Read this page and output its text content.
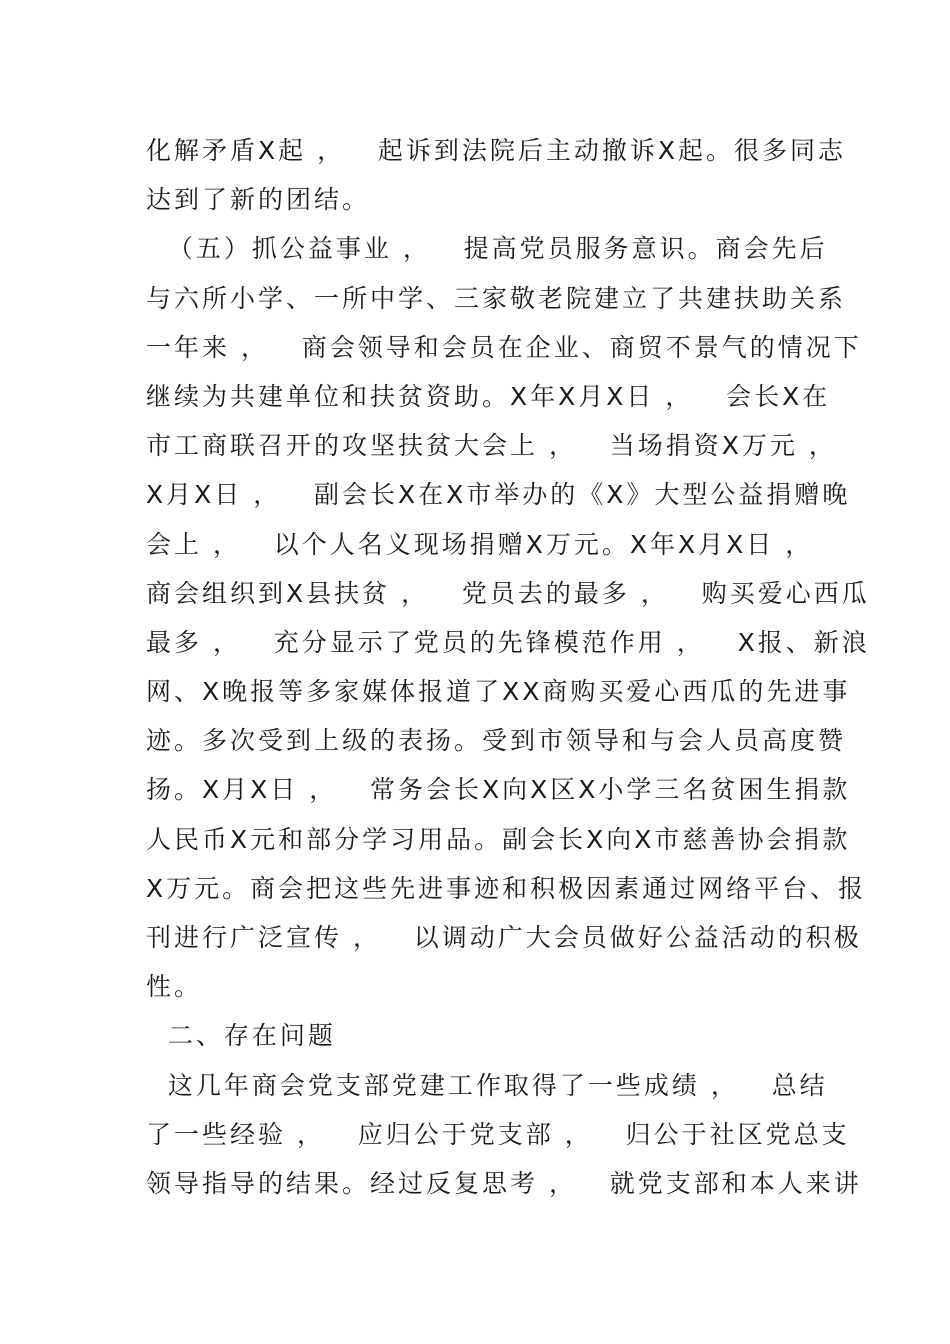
化解矛盾X起 ，   起诉到法院后主动撤诉X起。很多同志
达到了新的团结。
（五）抓公益事业 ，   提高党员服务意识。商会先后
与六所小学、一所中学、三家敬老院建立了共建扶助关系
一年来 ，   商会领导和会员在企业、商贸不景气的情况下
继续为共建单位和扶贫资助。X年X月X日 ，   会长X在
市工商联召开的攻坚扶贫大会上 ，   当场捐资X万元 ，
X月X日 ，   副会长X在X市举办的《X》大型公益捐赠晚
会上 ，   以个人名义现场捐赠X万元。X年X月X日 ，
商会组织到X县扶贫 ，   党员去的最多 ，   购买爱心西瓜
最多 ，   充分显示了党员的先锋模范作用 ，   X报、新浪
网、X晚报等多家媒体报道了XX商购买爱心西瓜的先进事
迹。多次受到上级的表扬。受到市领导和与会人员高度赞
扬。X月X日 ，   常务会长X向X区X小学三名贫困生捐款
人民币X元和部分学习用品。副会长X向X市慈善协会捐款
X万元。商会把这些先进事迹和积极因素通过网络平台、报
刊进行广泛宣传 ，   以调动广大会员做好公益活动的积极
性。
二、存在问题
这几年商会党支部党建工作取得了一些成绩 ，   总结
了一些经验 ，   应归公于党支部 ，   归公于社区党总支
领导指导的结果。经过反复思考 ，   就党支部和本人来讲
